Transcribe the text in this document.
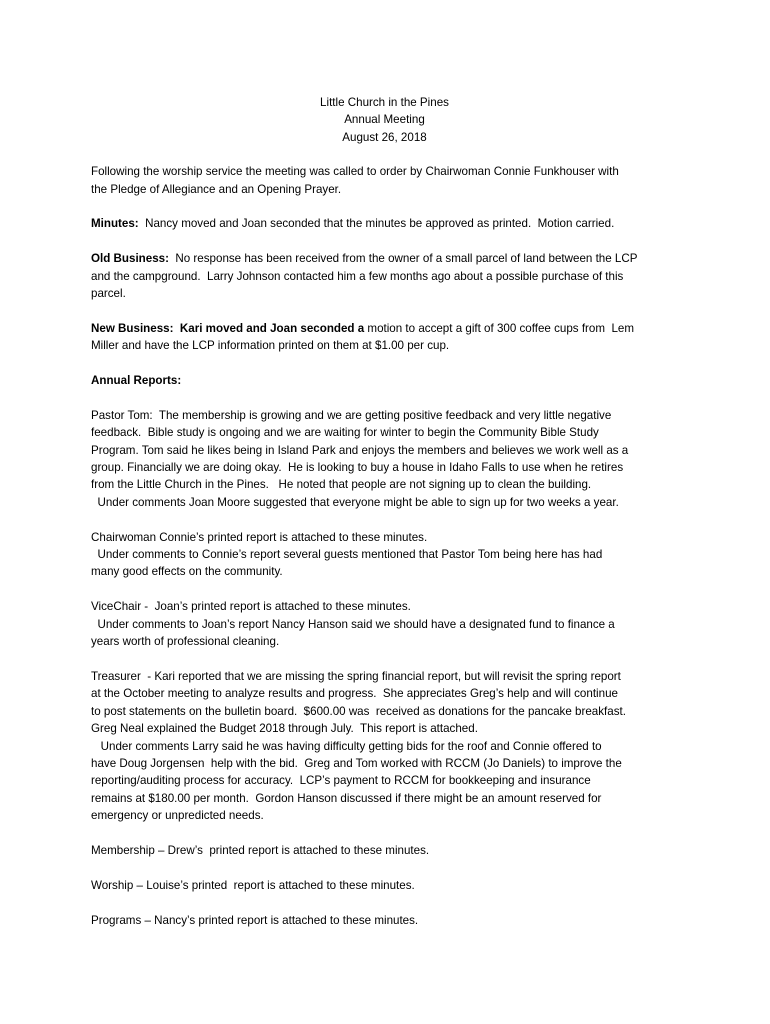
Little Church in the Pines
Annual Meeting
August 26, 2018
Following the worship service the meeting was called to order by Chairwoman Connie Funkhouser with
the Pledge of Allegiance and an Opening Prayer.
Minutes:  Nancy moved and Joan seconded that the minutes be approved as printed.  Motion carried.
Old Business:  No response has been received from the owner of a small parcel of land between the LCP
and the campground.  Larry Johnson contacted him a few months ago about a possible purchase of this
parcel.
New Business:  Kari moved and Joan seconded a motion to accept a gift of 300 coffee cups from  Lem
Miller and have the LCP information printed on them at $1.00 per cup.
Annual Reports:
Pastor Tom:  The membership is growing and we are getting positive feedback and very little negative
feedback.  Bible study is ongoing and we are waiting for winter to begin the Community Bible Study
Program. Tom said he likes being in Island Park and enjoys the members and believes we work well as a
group. Financially we are doing okay.  He is looking to buy a house in Idaho Falls to use when he retires
from the Little Church in the Pines.   He noted that people are not signing up to clean the building.
Under comments Joan Moore suggested that everyone might be able to sign up for two weeks a year.
Chairwoman Connie’s printed report is attached to these minutes.
Under comments to Connie’s report several guests mentioned that Pastor Tom being here has had
many good effects on the community.
ViceChair -  Joan’s printed report is attached to these minutes.
Under comments to Joan’s report Nancy Hanson said we should have a designated fund to finance a
years worth of professional cleaning.
Treasurer  - Kari reported that we are missing the spring financial report, but will revisit the spring report
at the October meeting to analyze results and progress.  She appreciates Greg’s help and will continue
to post statements on the bulletin board.  $600.00 was  received as donations for the pancake breakfast.
Greg Neal explained the Budget 2018 through July.  This report is attached.
Under comments Larry said he was having difficulty getting bids for the roof and Connie offered to
have Doug Jorgensen  help with the bid.  Greg and Tom worked with RCCM (Jo Daniels) to improve the
reporting/auditing process for accuracy.  LCP’s payment to RCCM for bookkeeping and insurance
remains at $180.00 per month.  Gordon Hanson discussed if there might be an amount reserved for
emergency or unpredicted needs.
Membership – Drew’s  printed report is attached to these minutes.
Worship – Louise’s printed  report is attached to these minutes.
Programs – Nancy’s printed report is attached to these minutes.
